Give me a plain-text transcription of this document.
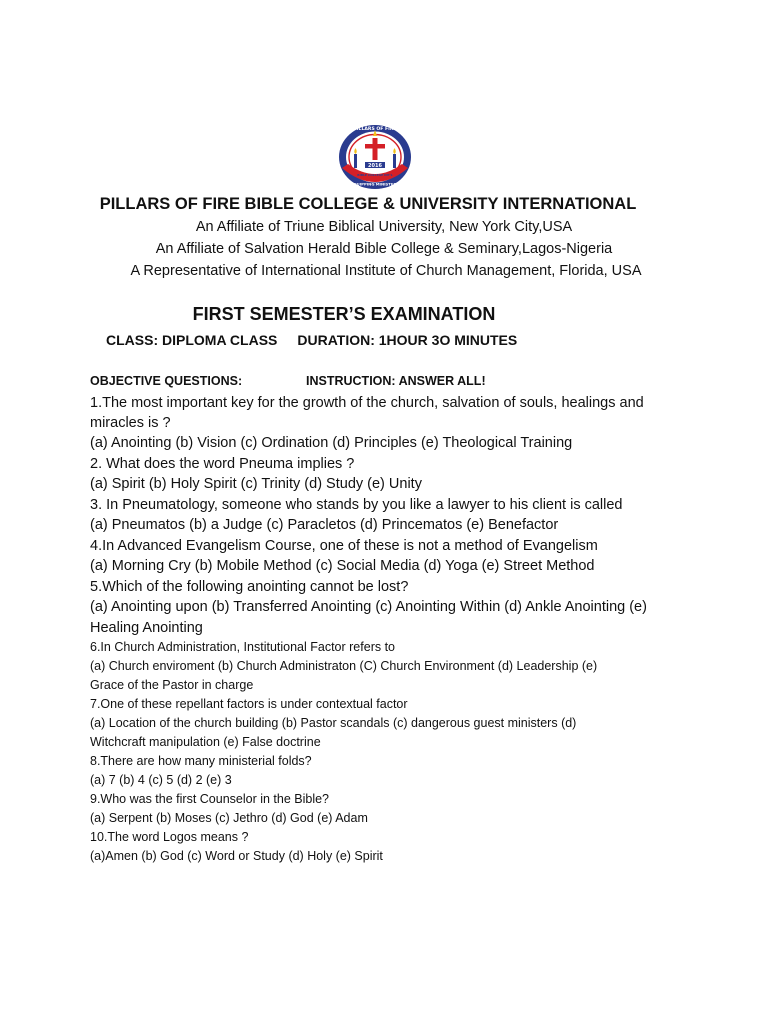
2016
PILLARS OF FIRE
BIBLE COLLEGE INT'L
EQUIPPING MINISTERS
PILLARS OF FIRE BIBLE COLLEGE & UNIVERSITY INTERNATIONAL
An Affiliate of Triune Biblical University, New York City,USA
An Affiliate of Salvation Herald Bible College & Seminary,Lagos-Nigeria
A Representative of International Institute of Church Management, Florida, USA
FIRST SEMESTER’S EXAMINATION
CLASS: DIPLOMA CLASS DURATION: 1HOUR 3O MINUTES
OBJECTIVE QUESTIONS:	INSTRUCTION: ANSWER ALL!
1.The most important key for the growth of the church, salvation of souls, healings and
miracles is ?
(a) Anointing (b) Vision (c) Ordination (d) Principles (e) Theological Training
2. What does the word Pneuma implies ?
(a) Spirit (b) Holy Spirit (c) Trinity (d) Study (e) Unity
3. In Pneumatology, someone who stands by you like a lawyer to his client is called
(a) Pneumatos (b) a Judge (c) Paracletos (d) Princematos (e) Benefactor
4.In Advanced Evangelism Course, one of these is not a method of Evangelism
(a) Morning Cry (b) Mobile Method (c) Social Media (d) Yoga (e) Street Method
5.Which of the following anointing cannot be lost?
(a) Anointing upon (b) Transferred Anointing (c) Anointing Within (d) Ankle Anointing (e)
Healing Anointing
6.In Church Administration, Institutional Factor refers to
(a) Church enviroment (b) Church Administraton (C) Church Environment (d) Leadership (e)
Grace of the Pastor in charge
7.One of these repellant factors is under contextual factor
(a) Location of the church building (b) Pastor scandals (c) dangerous guest ministers (d)
Witchcraft manipulation (e) False doctrine
8.There are how many ministerial folds?
(a) 7 (b) 4 (c) 5 (d) 2 (e) 3
9.Who was the first Counselor in the Bible?
(a) Serpent (b) Moses (c) Jethro (d) God (e) Adam
10.The word Logos means ?
(a)Amen (b) God (c) Word or Study (d) Holy (e) Spirit
